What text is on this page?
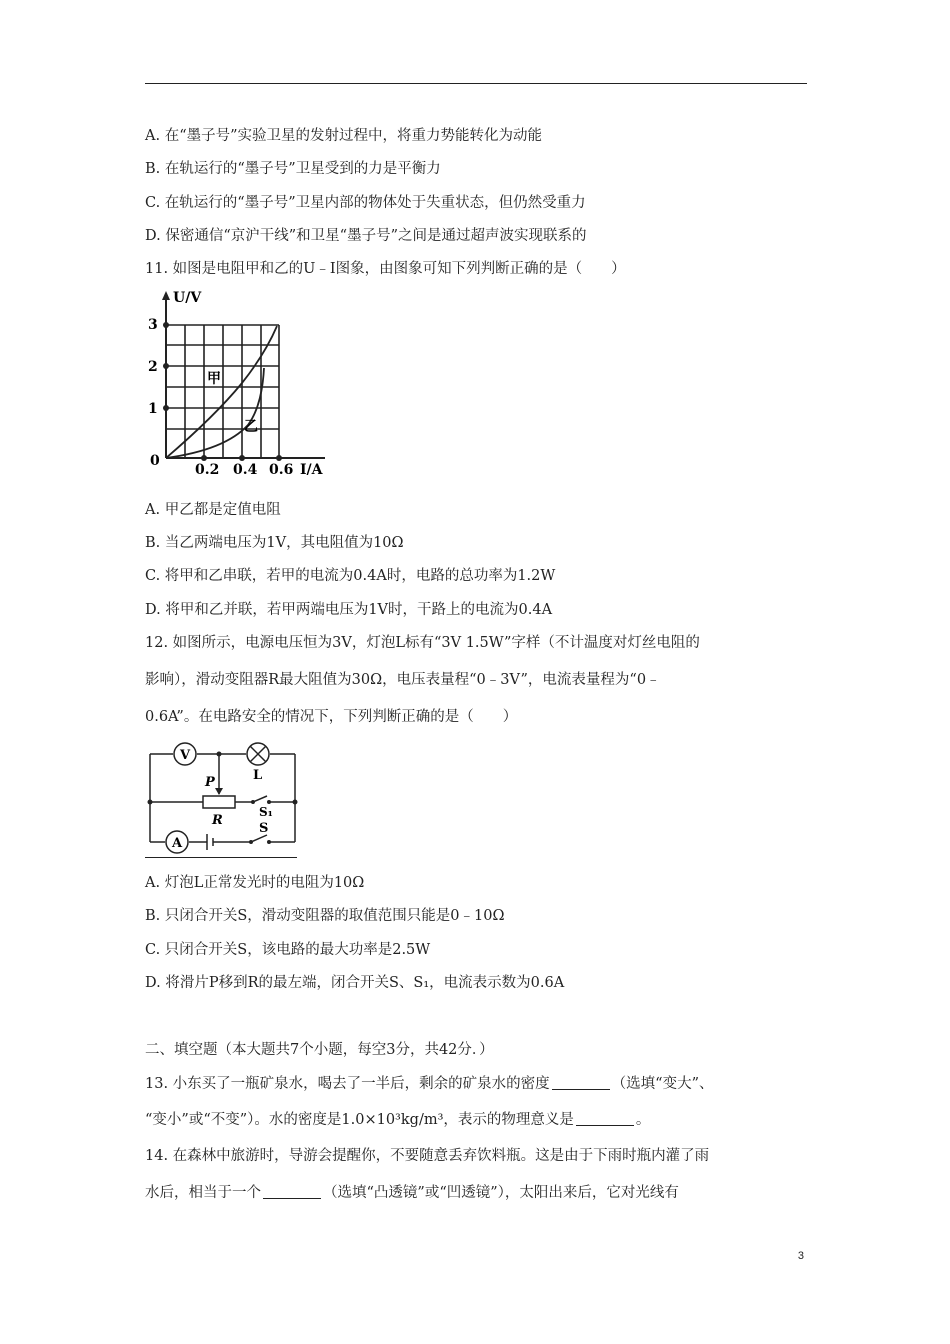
A. 在“墨子号”实验卫星的发射过程中，将重力势能转化为动能
B. 在轨运行的“墨子号”卫星受到的力是平衡力
C. 在轨运行的“墨子号”卫星内部的物体处于失重状态，但仍然受重力
D. 保密通信“京沪干线”和卫星“墨子号”之间是通过超声波实现联系的
11. 如图是电阻甲和乙的U﹣I图象，由图象可知下列判断正确的是（　　）
U/V
3
2
1
0
0.2 0.4 0.6 I/A
甲
乙
A. 甲乙都是定值电阻
B. 当乙两端电压为1V，其电阻值为10Ω
C. 将甲和乙串联，若甲的电流为0.4A时，电路的总功率为1.2W
D. 将甲和乙并联，若甲两端电压为1V时，干路上的电流为0.4A
12. 如图所示，电源电压恒为3V，灯泡L标有“3V 1.5W”字样（不计温度对灯丝电阻的
影响），滑动变阻器R最大阻值为30Ω，电压表量程“0﹣3V”，电流表量程为“0﹣
0.6A”。在电路安全的情况下，下列判断正确的是（　　）
V
A
P
R
L
S₁
S
A. 灯泡L正常发光时的电阻为10Ω
B. 只闭合开关S，滑动变阻器的取值范围只能是0﹣10Ω
C. 只闭合开关S，该电路的最大功率是2.5W
D. 将滑片P移到R的最左端，闭合开关S、S₁，电流表示数为0.6A
二、填空题（本大题共7个小题，每空3分，共42分．）
13. 小东买了一瓶矿泉水，喝去了一半后，剩余的矿泉水的密度	（选填“变大”、
“变小”或“不变”）。水的密度是1.0×10³kg/m³，表示的物理意义是	。
14. 在森林中旅游时，导游会提醒你，不要随意丢弃饮料瓶。这是由于下雨时瓶内灌了雨
水后，相当于一个	（选填“凸透镜”或“凹透镜”），太阳出来后，它对光线有
3
